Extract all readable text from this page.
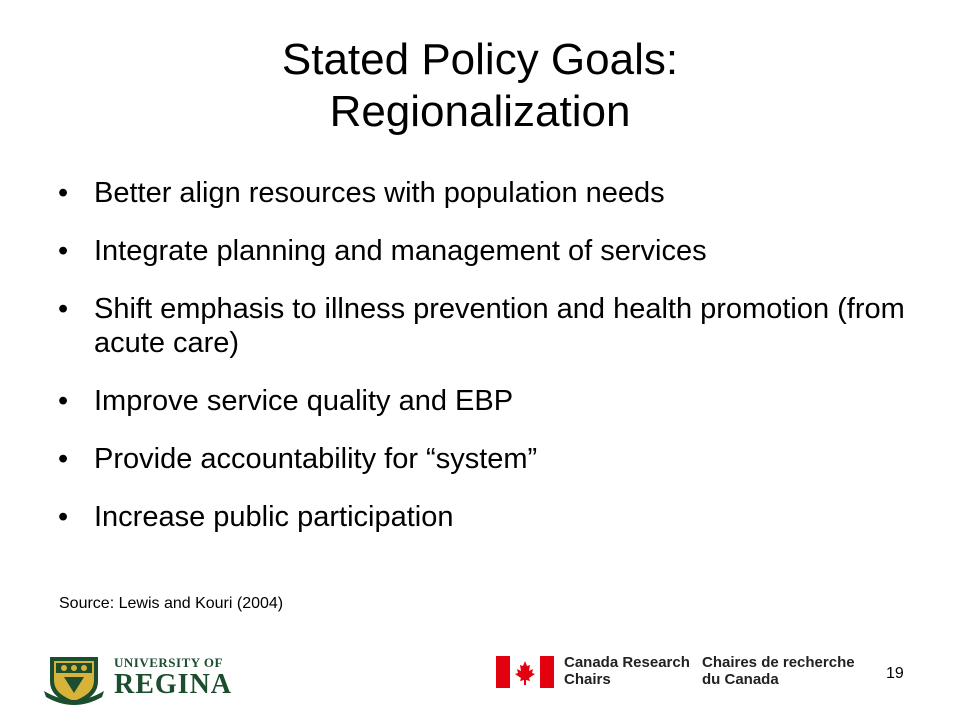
Stated Policy Goals:
Regionalization
• Better align resources with population needs
• Integrate planning and management of services
• Shift emphasis to illness prevention and health promotion (from acute care)
• Improve service quality and EBP
• Provide accountability for “system”
• Increase public participation
Source: Lewis and Kouri (2004)
UNIVERSITY OF
REGINA
Canada Research
Chairs
Chaires de recherche
du Canada	19
